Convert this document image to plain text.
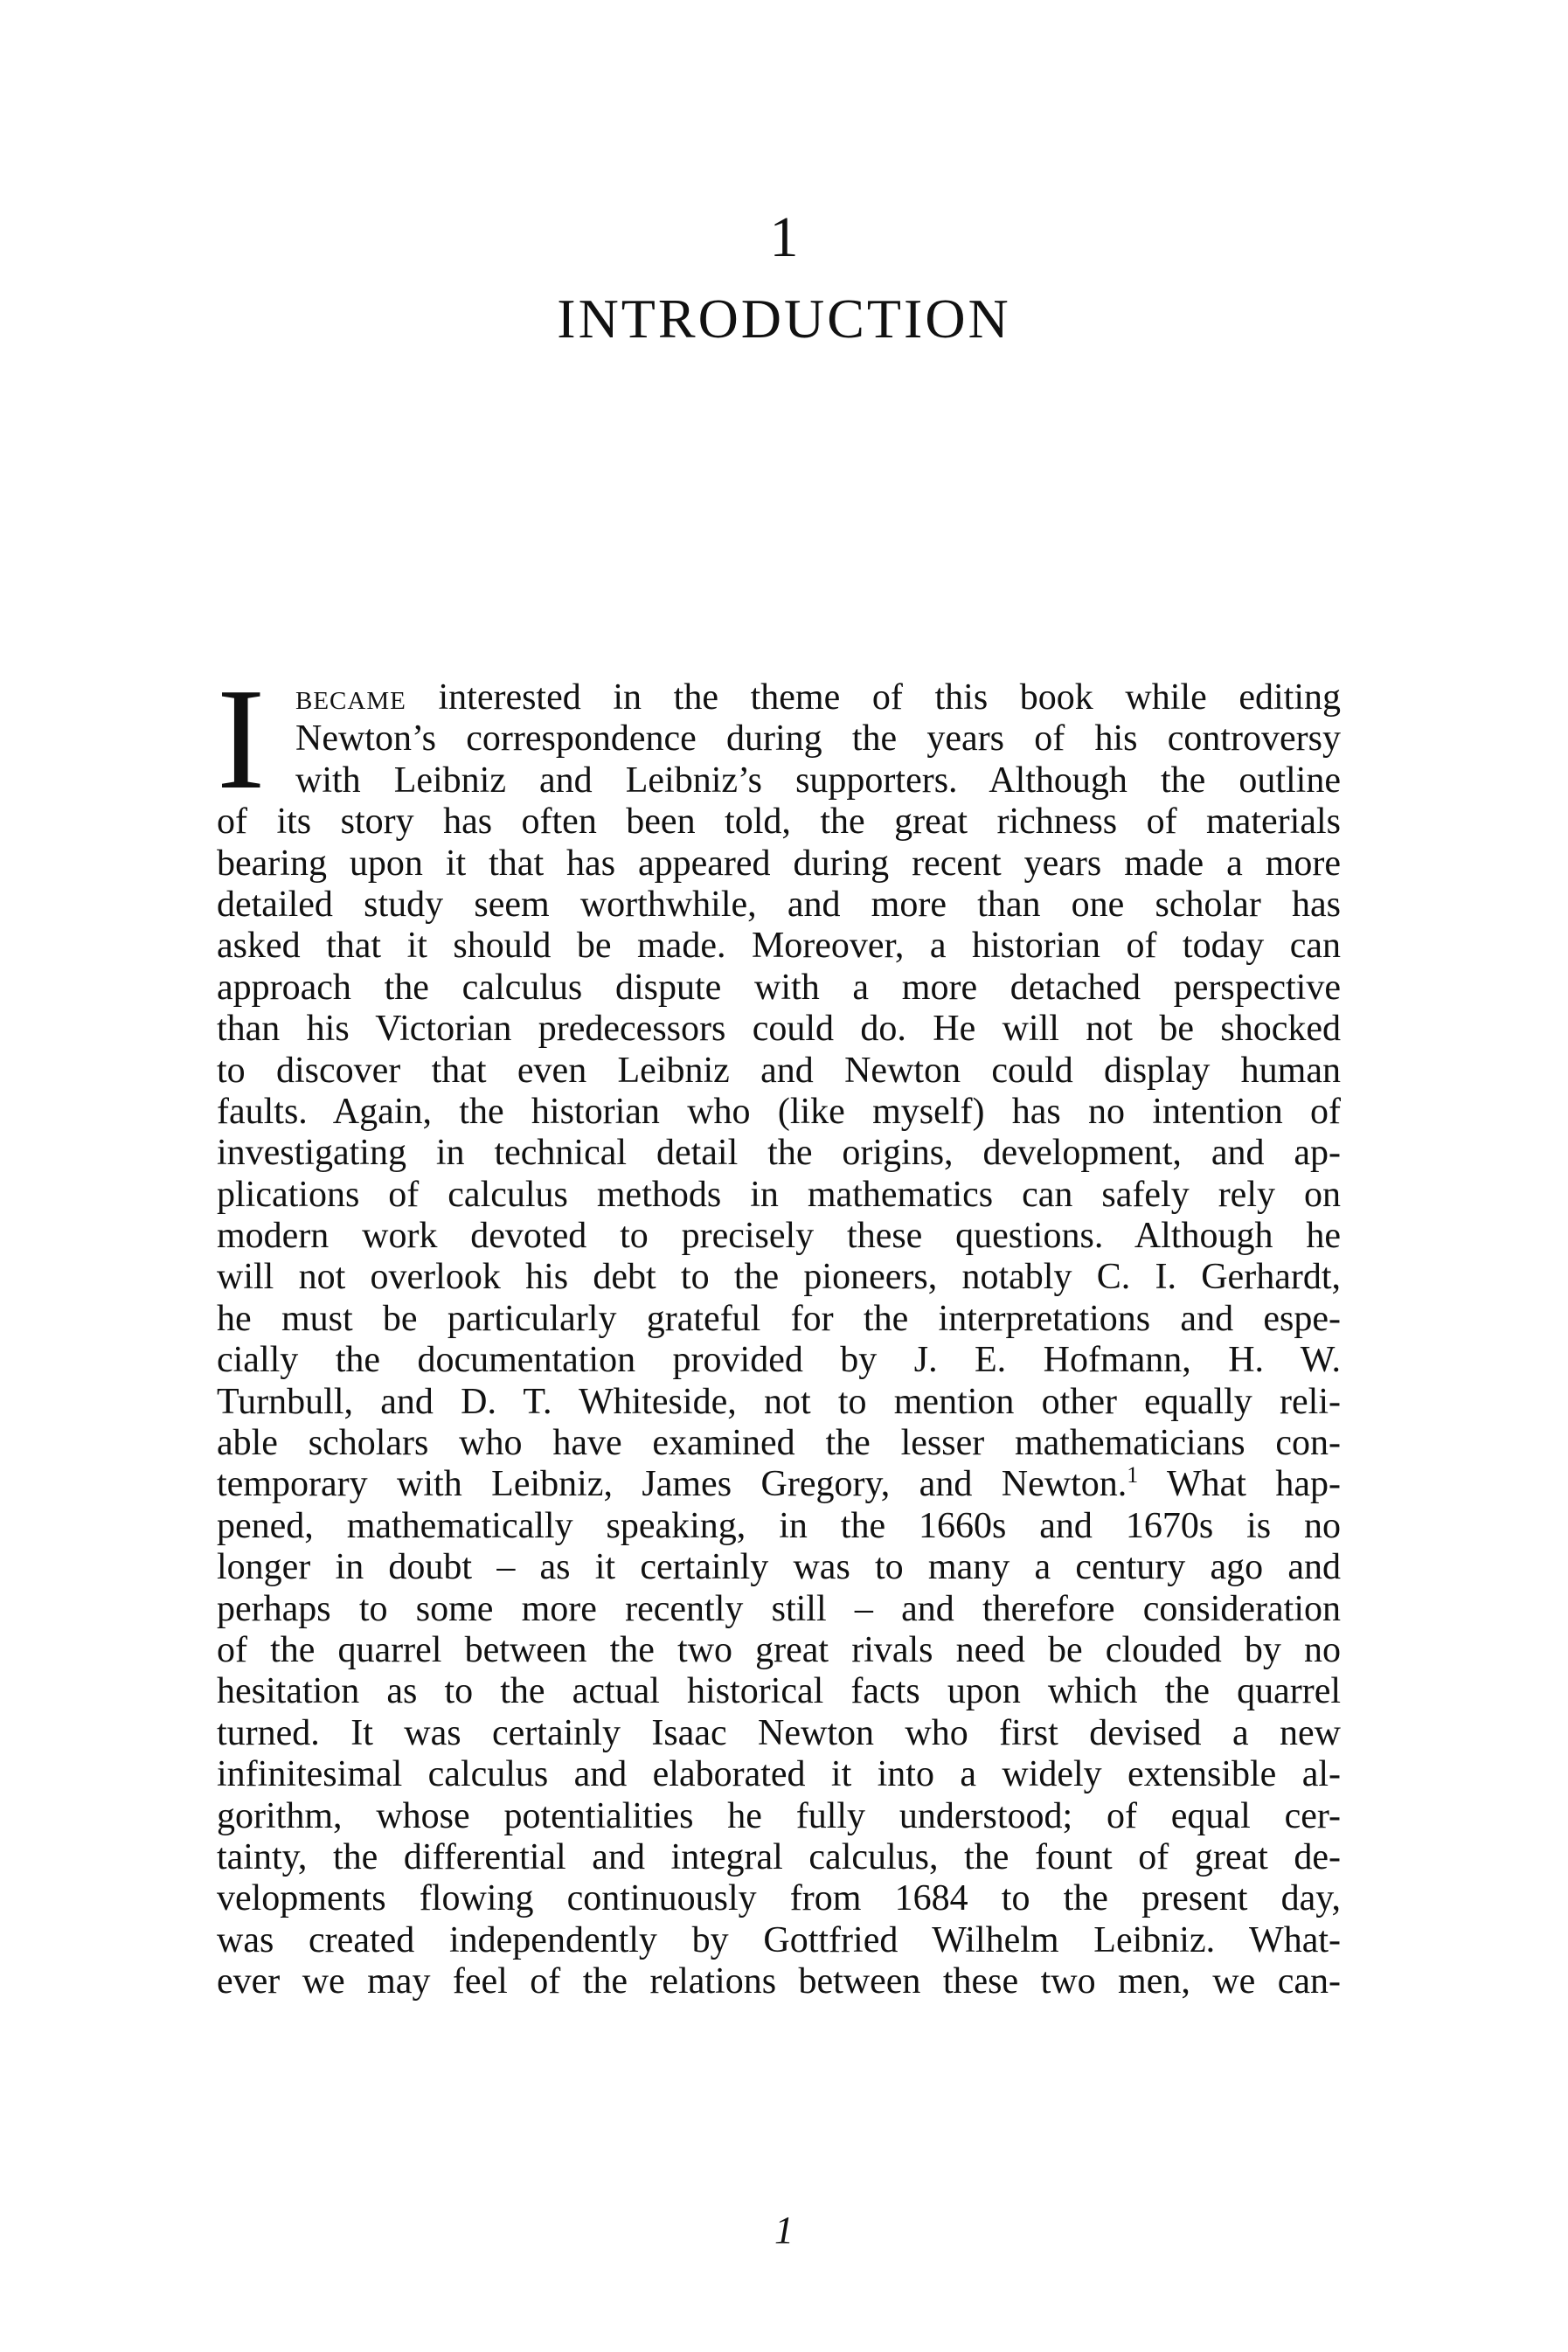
1
INTRODUCTION
I became interested in the theme of this book while editing
Newton’s correspondence during the years of his controversy
with Leibniz and Leibniz’s supporters. Although the outline
of its story has often been told, the great richness of materials
bearing upon it that has appeared during recent years made a more
detailed study seem worthwhile, and more than one scholar has
asked that it should be made. Moreover, a historian of today can
approach the calculus dispute with a more detached perspective
than his Victorian predecessors could do. He will not be shocked
to discover that even Leibniz and Newton could display human
faults. Again, the historian who (like myself) has no intention of
investigating in technical detail the origins, development, and ap-
plications of calculus methods in mathematics can safely rely on
modern work devoted to precisely these questions. Although he
will not overlook his debt to the pioneers, notably C. I. Gerhardt,
he must be particularly grateful for the interpretations and espe-
cially the documentation provided by J. E. Hofmann, H. W.
Turnbull, and D. T. Whiteside, not to mention other equally reli-
able scholars who have examined the lesser mathematicians con-
temporary with Leibniz, James Gregory, and Newton.$^1$ What hap-
pened, mathematically speaking, in the 1660s and 1670s is no
longer in doubt – as it certainly was to many a century ago and
perhaps to some more recently still – and therefore consideration
of the quarrel between the two great rivals need be clouded by no
hesitation as to the actual historical facts upon which the quarrel
turned. It was certainly Isaac Newton who first devised a new
infinitesimal calculus and elaborated it into a widely extensible al-
gorithm, whose potentialities he fully understood; of equal cer-
tainty, the differential and integral calculus, the fount of great de-
velopments flowing continuously from 1684 to the present day,
was created independently by Gottfried Wilhelm Leibniz. What-
ever we may feel of the relations between these two men, we can-
1
